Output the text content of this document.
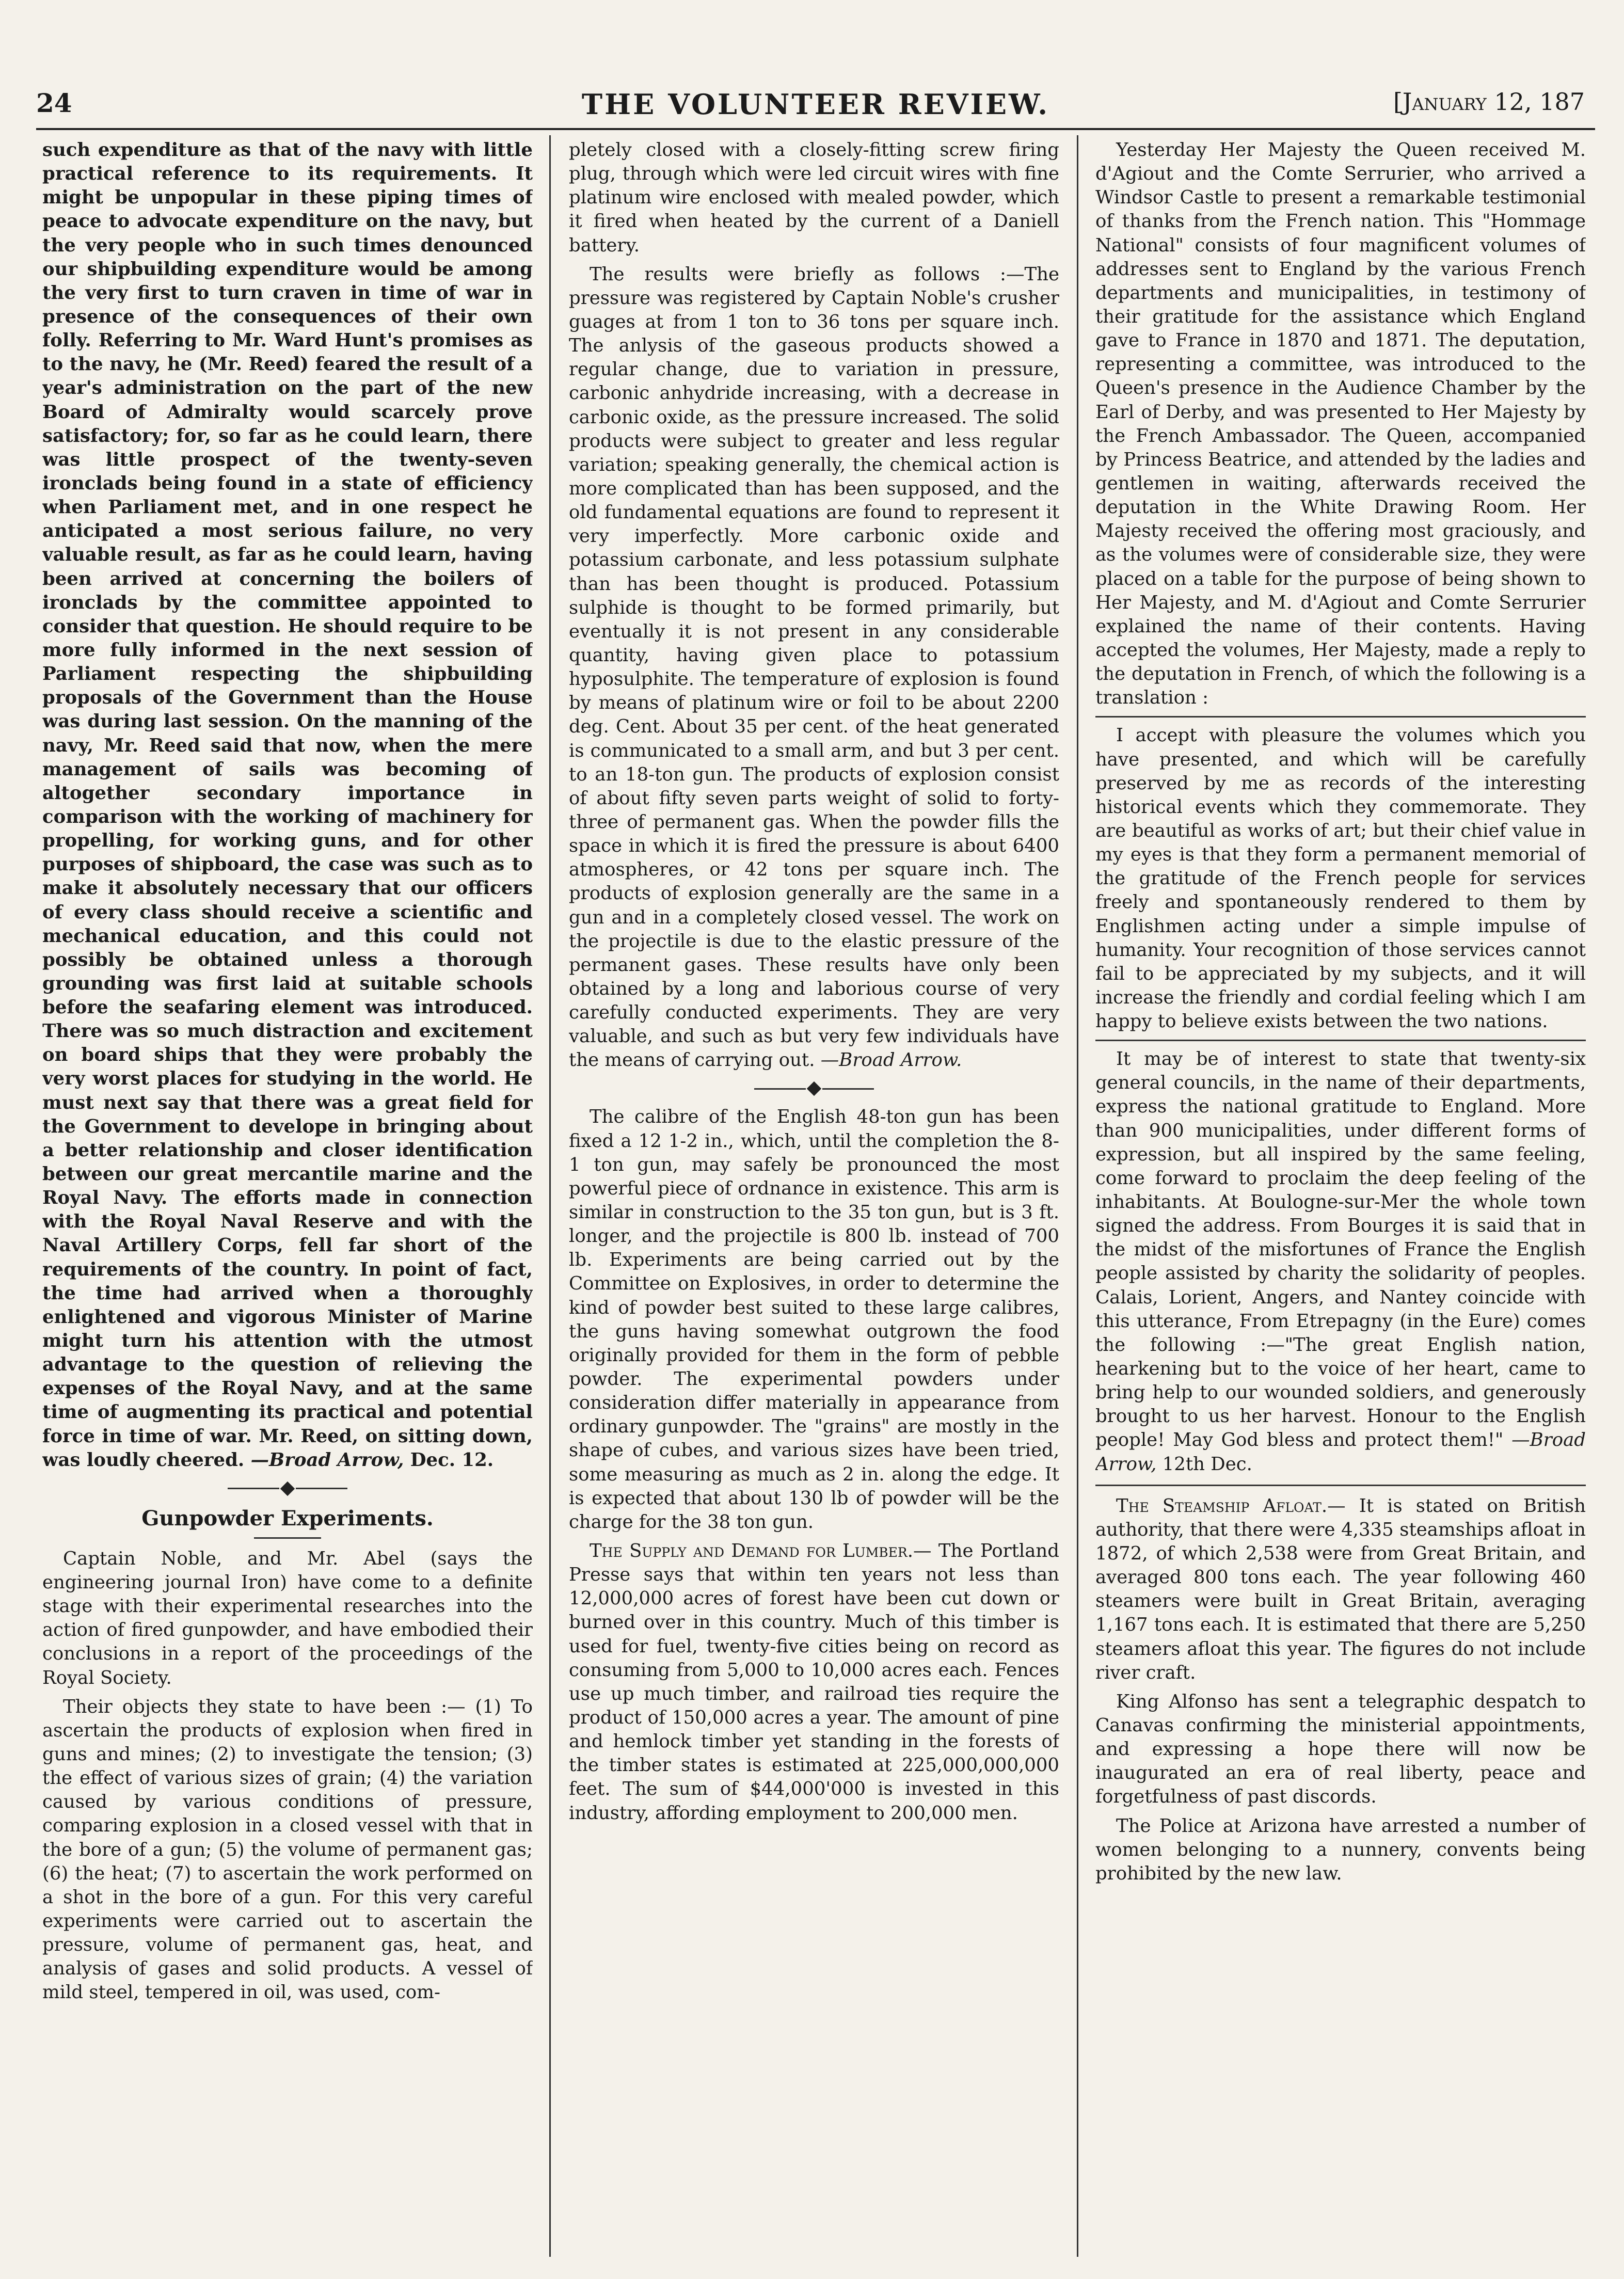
24	THE VOLUNTEER REVIEW.	[January 12, 187

such expenditure as that of the navy with little practical reference to its requirements. It might be unpopular in these piping times of peace to advocate expenditure on the navy, but the very people who in such times denounced our shipbuilding expenditure would be among the very first to turn craven in time of war in presence of the consequences of their own folly. Referring to Mr. Ward Hunt's promises as to the navy, he (Mr. Reed) feared the result of a year's administration on the part of the new Board of Admiralty would scarcely prove satisfactory; for, so far as he could learn, there was little prospect of the twenty-seven ironclads being found in a state of efficiency when Parliament met, and in one respect he anticipated a most serious failure, no very valuable result, as far as he could learn, having been arrived at concerning the boilers of ironclads by the committee appointed to consider that question. He should require to be more fully informed in the next session of Parliament respecting the shipbuilding proposals of the Government than the House was during last session. On the manning of the navy, Mr. Reed said that now, when the mere management of sails was becoming of altogether secondary importance in comparison with the working of machinery for propelling, for working guns, and for other purposes of shipboard, the case was such as to make it absolutely necessary that our officers of every class should receive a scientific and mechanical education, and this could not possibly be obtained unless a thorough grounding was first laid at suitable schools before the seafaring element was introduced. There was so much distraction and excitement on board ships that they were probably the very worst places for studying in the world. He must next say that there was a great field for the Government to develope in bringing about a better relationship and closer identification between our great mercantile marine and the Royal Navy. The efforts made in connection with the Royal Naval Reserve and with the Naval Artillery Corps, fell far short of the requirements of the country. In point of fact, the time had arrived when a thoroughly enlightened and vigorous Minister of Marine might turn his attention with the utmost advantage to the question of relieving the expenses of the Royal Navy, and at the same time of augmenting its practical and potential force in time of war. Mr. Reed, on sitting down, was loudly cheered. —Broad Arrow, Dec. 12.

Gunpowder Experiments.

Captain Noble, and Mr. Abel (says the engineering journal Iron) have come to a definite stage with their experimental researches into the action of fired gunpowder, and have embodied their conclusions in a report of the proceedings of the Royal Society.

Their objects they state to have been :— (1) To ascertain the products of explosion when fired in guns and mines; (2) to investigate the tension; (3) the effect of various sizes of grain; (4) the variation caused by various conditions of pressure, comparing explosion in a closed vessel with that in the bore of a gun; (5) the volume of permanent gas; (6) the heat; (7) to ascertain the work performed on a shot in the bore of a gun. For this very careful experiments were carried out to ascertain the pressure, volume of permanent gas, heat, and analysis of gases and solid products. A vessel of mild steel, tempered in oil, was used, com-

pletely closed with a closely-fitting screw firing plug, through which were led circuit wires with fine platinum wire enclosed with mealed powder, which it fired when heated by the current of a Daniell battery.

The results were briefly as follows :—The pressure was registered by Captain Noble's crusher guages at from 1 ton to 36 tons per square inch. The anlysis of the gaseous products showed a regular change, due to variation in pressure, carbonic anhydride increasing, with a decrease in carbonic oxide, as the pressure increased. The solid products were subject to greater and less regular variation; speaking generally, the chemical action is more complicated than has been supposed, and the old fundamental equations are found to represent it very imperfectly. More carbonic oxide and potassium carbonate, and less potassium sulphate than has been thought is produced. Potassium sulphide is thought to be formed primarily, but eventually it is not present in any considerable quantity, having given place to potassium hyposulphite. The temperature of explosion is found by means of platinum wire or foil to be about 2200 deg. Cent. About 35 per cent. of the heat generated is communicated to a small arm, and but 3 per cent. to an 18-ton gun. The products of explosion consist of about fifty seven parts weight of solid to forty-three of permanent gas. When the powder fills the space in which it is fired the pressure is about 6400 atmospheres, or 42 tons per square inch. The products of explosion generally are the same in a gun and in a completely closed vessel. The work on the projectile is due to the elastic pressure of the permanent gases. These results have only been obtained by a long and laborious course of very carefully conducted experiments. They are very valuable, and such as but very few individuals have the means of carrying out. —Broad Arrow.

The calibre of the English 48-ton gun has been fixed a 12 1-2 in., which, until the completion the 8-1 ton gun, may safely be pronounced the most powerful piece of ordnance in existence. This arm is similar in construction to the 35 ton gun, but is 3 ft. longer, and the projectile is 800 lb. instead of 700 lb. Experiments are being carried out by the Committee on Explosives, in order to determine the kind of powder best suited to these large calibres, the guns having somewhat outgrown the food originally provided for them in the form of pebble powder. The experimental powders under consideration differ materially in appearance from ordinary gunpowder. The "grains" are mostly in the shape of cubes, and various sizes have been tried, some measuring as much as 2 in. along the edge. It is expected that about 130 lb of powder will be the charge for the 38 ton gun.

The Supply and Demand for Lumber.— The Portland Presse says that within ten years not less than 12,000,000 acres of forest have been cut down or burned over in this country. Much of this timber is used for fuel, twenty-five cities being on record as consuming from 5,000 to 10,000 acres each. Fences use up much timber, and railroad ties require the product of 150,000 acres a year. The amount of pine and hemlock timber yet standing in the forests of the timber states is estimated at 225,000,000,000 feet. The sum of $44,000'000 is invested in this industry, affording employment to 200,000 men.

Yesterday Her Majesty the Queen received M. d'Agiout and the Comte Serrurier, who arrived a Windsor Castle to present a remarkable testimonial of thanks from the French nation. This "Hommage National" consists of four magnificent volumes of addresses sent to England by the various French departments and municipalities, in testimony of their gratitude for the assistance which England gave to France in 1870 and 1871. The deputation, representing a committee, was introduced to the Queen's presence in the Audience Chamber by the Earl of Derby, and was presented to Her Majesty by the French Ambassador. The Queen, accompanied by Princess Beatrice, and attended by the ladies and gentlemen in waiting, afterwards received the deputation in the White Drawing Room. Her Majesty received the offering most graciously, and as the volumes were of considerable size, they were placed on a table for the purpose of being shown to Her Majesty, and M. d'Agiout and Comte Serrurier explained the name of their contents. Having accepted the volumes, Her Majesty, made a reply to the deputation in French, of which the following is a translation :

I accept with pleasure the volumes which you have presented, and which will be carefully preserved by me as records of the interesting historical events which they commemorate. They are beautiful as works of art; but their chief value in my eyes is that they form a permanent memorial of the gratitude of the French people for services freely and spontaneously rendered to them by Englishmen acting under a simple impulse of humanity. Your recognition of those services cannot fail to be appreciated by my subjects, and it will increase the friendly and cordial feeling which I am happy to believe exists between the two nations.

It may be of interest to state that twenty-six general councils, in the name of their departments, express the national gratitude to England. More than 900 municipalities, under different forms of expression, but all inspired by the same feeling, come forward to proclaim the deep feeling of the inhabitants. At Boulogne-sur-Mer the whole town signed the address. From Bourges it is said that in the midst of the misfortunes of France the English people assisted by charity the solidarity of peoples. Calais, Lorient, Angers, and Nantey coincide with this utterance, From Etrepagny (in the Eure) comes the following :—"The great English nation, hearkening but to the voice of her heart, came to bring help to our wounded soldiers, and generously brought to us her harvest. Honour to the English people! May God bless and protect them!" —Broad Arrow, 12th Dec.

The Steamship Afloat.— It is stated on British authority, that there were 4,335 steamships afloat in 1872, of which 2,538 were from Great Britain, and averaged 800 tons each. The year following 460 steamers were built in Great Britain, averaging 1,167 tons each. It is estimated that there are 5,250 steamers afloat this year. The figures do not include river craft.

King Alfonso has sent a telegraphic despatch to Canavas confirming the ministerial appointments, and expressing a hope there will now be inaugurated an era of real liberty, peace and forgetfulness of past discords.

The Police at Arizona have arrested a number of women belonging to a nunnery, convents being prohibited by the new law.
